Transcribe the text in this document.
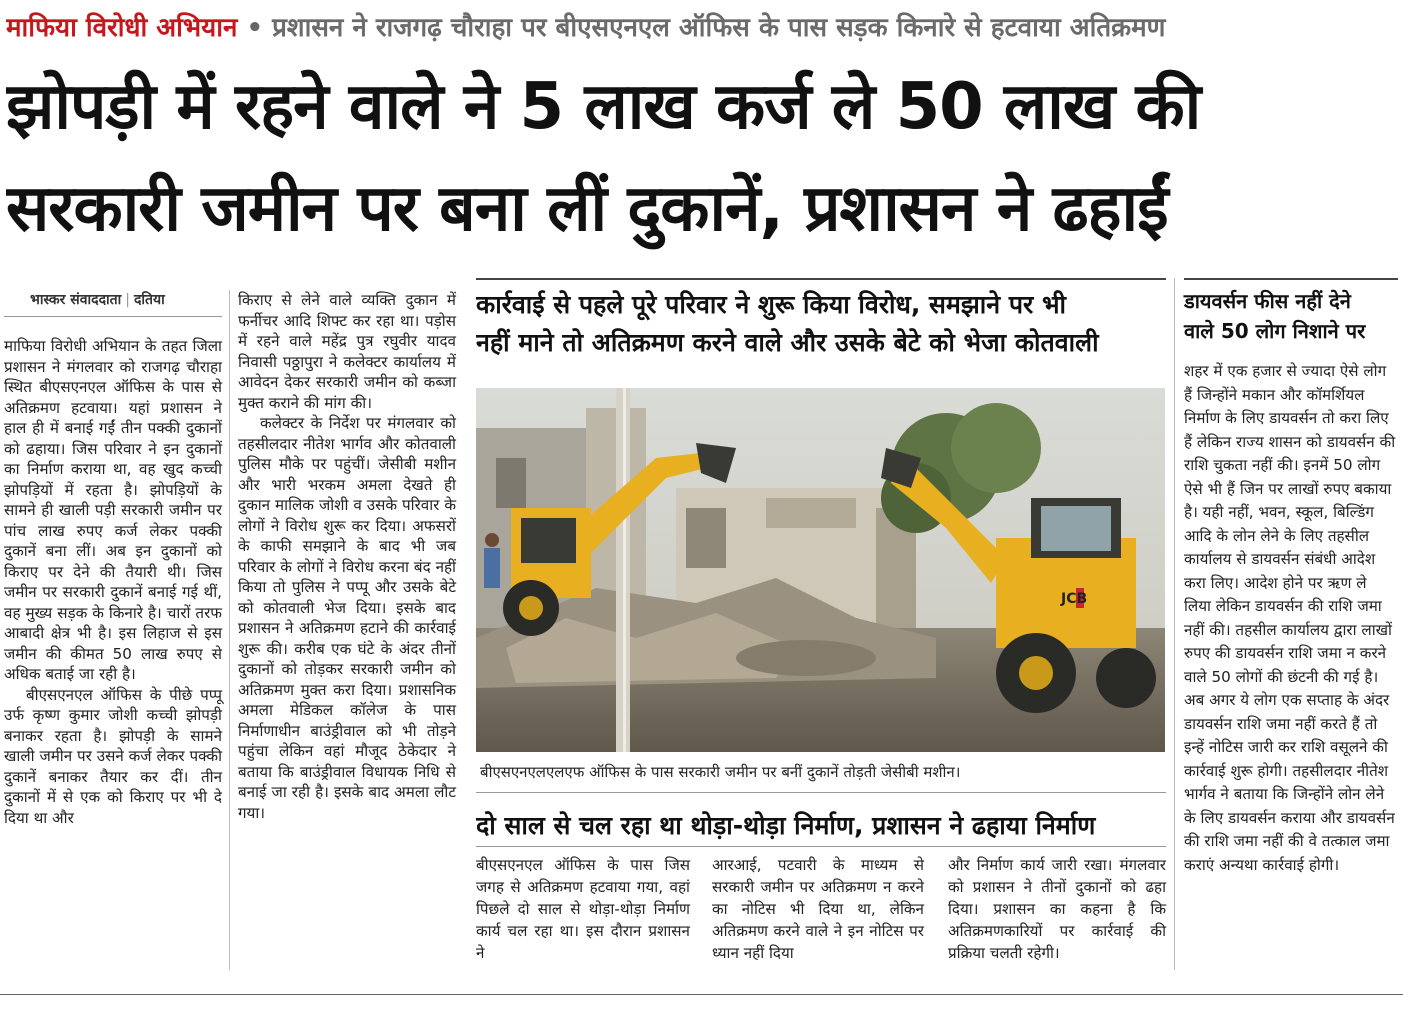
माफिया विरोधी अभियान • प्रशासन ने राजगढ़ चौराहा पर बीएसएनएल ऑफिस के पास सड़क किनारे से हटवाया अतिक्रमण
झोपड़ी में रहने वाले ने 5 लाख कर्ज ले 50 लाख की
सरकारी जमीन पर बना लीं दुकानें, प्रशासन ने ढहाईं
भास्कर संवाददाता | दतिया

माफिया विरोधी अभियान के तहत जिला प्रशासन ने मंगलवार को राजगढ़ चौराहा स्थित बीएसएनएल ऑफिस के पास से अतिक्रमण हटवाया। यहां प्रशासन ने हाल ही में बनाई गईं तीन पक्की दुकानों को ढहाया। जिस परिवार ने इन दुकानों का निर्माण कराया था, वह खुद कच्ची झोपड़ियों में रहता है। झोपड़ियों के सामने ही खाली पड़ी सरकारी जमीन पर पांच लाख रुपए कर्ज लेकर पक्की दुकानें बना लीं। अब इन दुकानों को किराए पर देने की तैयारी थी। जिस जमीन पर सरकारी दुकानें बनाई गई थीं, वह मुख्य सड़क के किनारे है। चारों तरफ आबादी क्षेत्र भी है। इस लिहाज से इस जमीन की कीमत 50 लाख रुपए से अधिक बताई जा रही है।

बीएसएनएल ऑफिस के पीछे पप्पू उर्फ कृष्ण कुमार जोशी कच्ची झोपड़ी बनाकर रहता है। झोपड़ी के सामने खाली जमीन पर उसने कर्ज लेकर पक्की दुकानें बनाकर तैयार कर दीं। तीन दुकानों में से एक को किराए पर भी दे दिया था और

किराए से लेने वाले व्यक्ति दुकान में फर्नीचर आदि शिफ्ट कर रहा था। पड़ोस में रहने वाले महेंद्र पुत्र रघुवीर यादव निवासी पठ्ठापुरा ने कलेक्टर कार्यालय में आवेदन देकर सरकारी जमीन को कब्जा मुक्त कराने की मांग की।

कलेक्टर के निर्देश पर मंगलवार को तहसीलदार नीतेश भार्गव और कोतवाली पुलिस मौके पर पहुंचीं। जेसीबी मशीन और भारी भरकम अमला देखते ही दुकान मालिक जोशी व उसके परिवार के लोगों ने विरोध शुरू कर दिया। अफसरों के काफी समझाने के बाद भी जब परिवार के लोगों ने विरोध करना बंद नहीं किया तो पुलिस ने पप्पू और उसके बेटे को कोतवाली भेज दिया। इसके बाद प्रशासन ने अतिक्रमण हटाने की कार्रवाई शुरू की। करीब एक घंटे के अंदर तीनों दुकानों को तोड़कर सरकारी जमीन को अतिक्रमण मुक्त करा दिया। प्रशासनिक अमला मेडिकल कॉलेज के पास निर्माणाधीन बाउंड्रीवाल को भी तोड़ने पहुंचा लेकिन वहां मौजूद ठेकेदार ने बताया कि बाउंड्रीवाल विधायक निधि से बनाई जा रही है। इसके बाद अमला लौट गया।

कार्रवाई से पहले पूरे परिवार ने शुरू किया विरोध, समझाने पर भी
नहीं माने तो अतिक्रमण करने वाले और उसके बेटे को भेजा कोतवाली
JCB
बीएसएनएलएलएफ ऑफिस के पास सरकारी जमीन पर बनीं दुकानें तोड़ती जेसीबी मशीन।
दो साल से चल रहा था थोड़ा-थोड़ा निर्माण, प्रशासन ने ढहाया निर्माण

बीएसएनएल ऑफिस के पास जिस जगह से अतिक्रमण हटवाया गया, वहां पिछले दो साल से थोड़ा-थोड़ा निर्माण कार्य चल रहा था। इस दौरान प्रशासन ने

आरआई, पटवारी के माध्यम से सरकारी जमीन पर अतिक्रमण न करने का नोटिस भी दिया था, लेकिन अतिक्रमण करने वाले ने इन नोटिस पर ध्यान नहीं दिया

और निर्माण कार्य जारी रखा। मंगलवार को प्रशासन ने तीनों दुकानों को ढहा दिया। प्रशासन का कहना है कि अतिक्रमणकारियों पर कार्रवाई की प्रक्रिया चलती रहेगी।

डायवर्सन फीस नहीं देने
वाले 50 लोग निशाने पर

शहर में एक हजार से ज्यादा ऐसे लोग हैं जिन्होंने मकान और कॉमर्शियल निर्माण के लिए डायवर्सन तो करा लिए हैं लेकिन राज्य शासन को डायवर्सन की राशि चुकता नहीं की। इनमें 50 लोग ऐसे भी हैं जिन पर लाखों रुपए बकाया है। यही नहीं, भवन, स्कूल, बिल्डिंग आदि के लोन लेने के लिए तहसील कार्यालय से डायवर्सन संबंधी आदेश करा लिए। आदेश होने पर ऋण ले लिया लेकिन डायवर्सन की राशि जमा नहीं की। तहसील कार्यालय द्वारा लाखों रुपए की डायवर्सन राशि जमा न करने वाले 50 लोगों की छंटनी की गई है। अब अगर ये लोग एक सप्ताह के अंदर डायवर्सन राशि जमा नहीं करते हैं तो इन्हें नोटिस जारी कर राशि वसूलने की कार्रवाई शुरू होगी। तहसीलदार नीतेश भार्गव ने बताया कि जिन्होंने लोन लेने के लिए डायवर्सन कराया और डायवर्सन की राशि जमा नहीं की वे तत्काल जमा कराएं अन्यथा कार्रवाई होगी।
